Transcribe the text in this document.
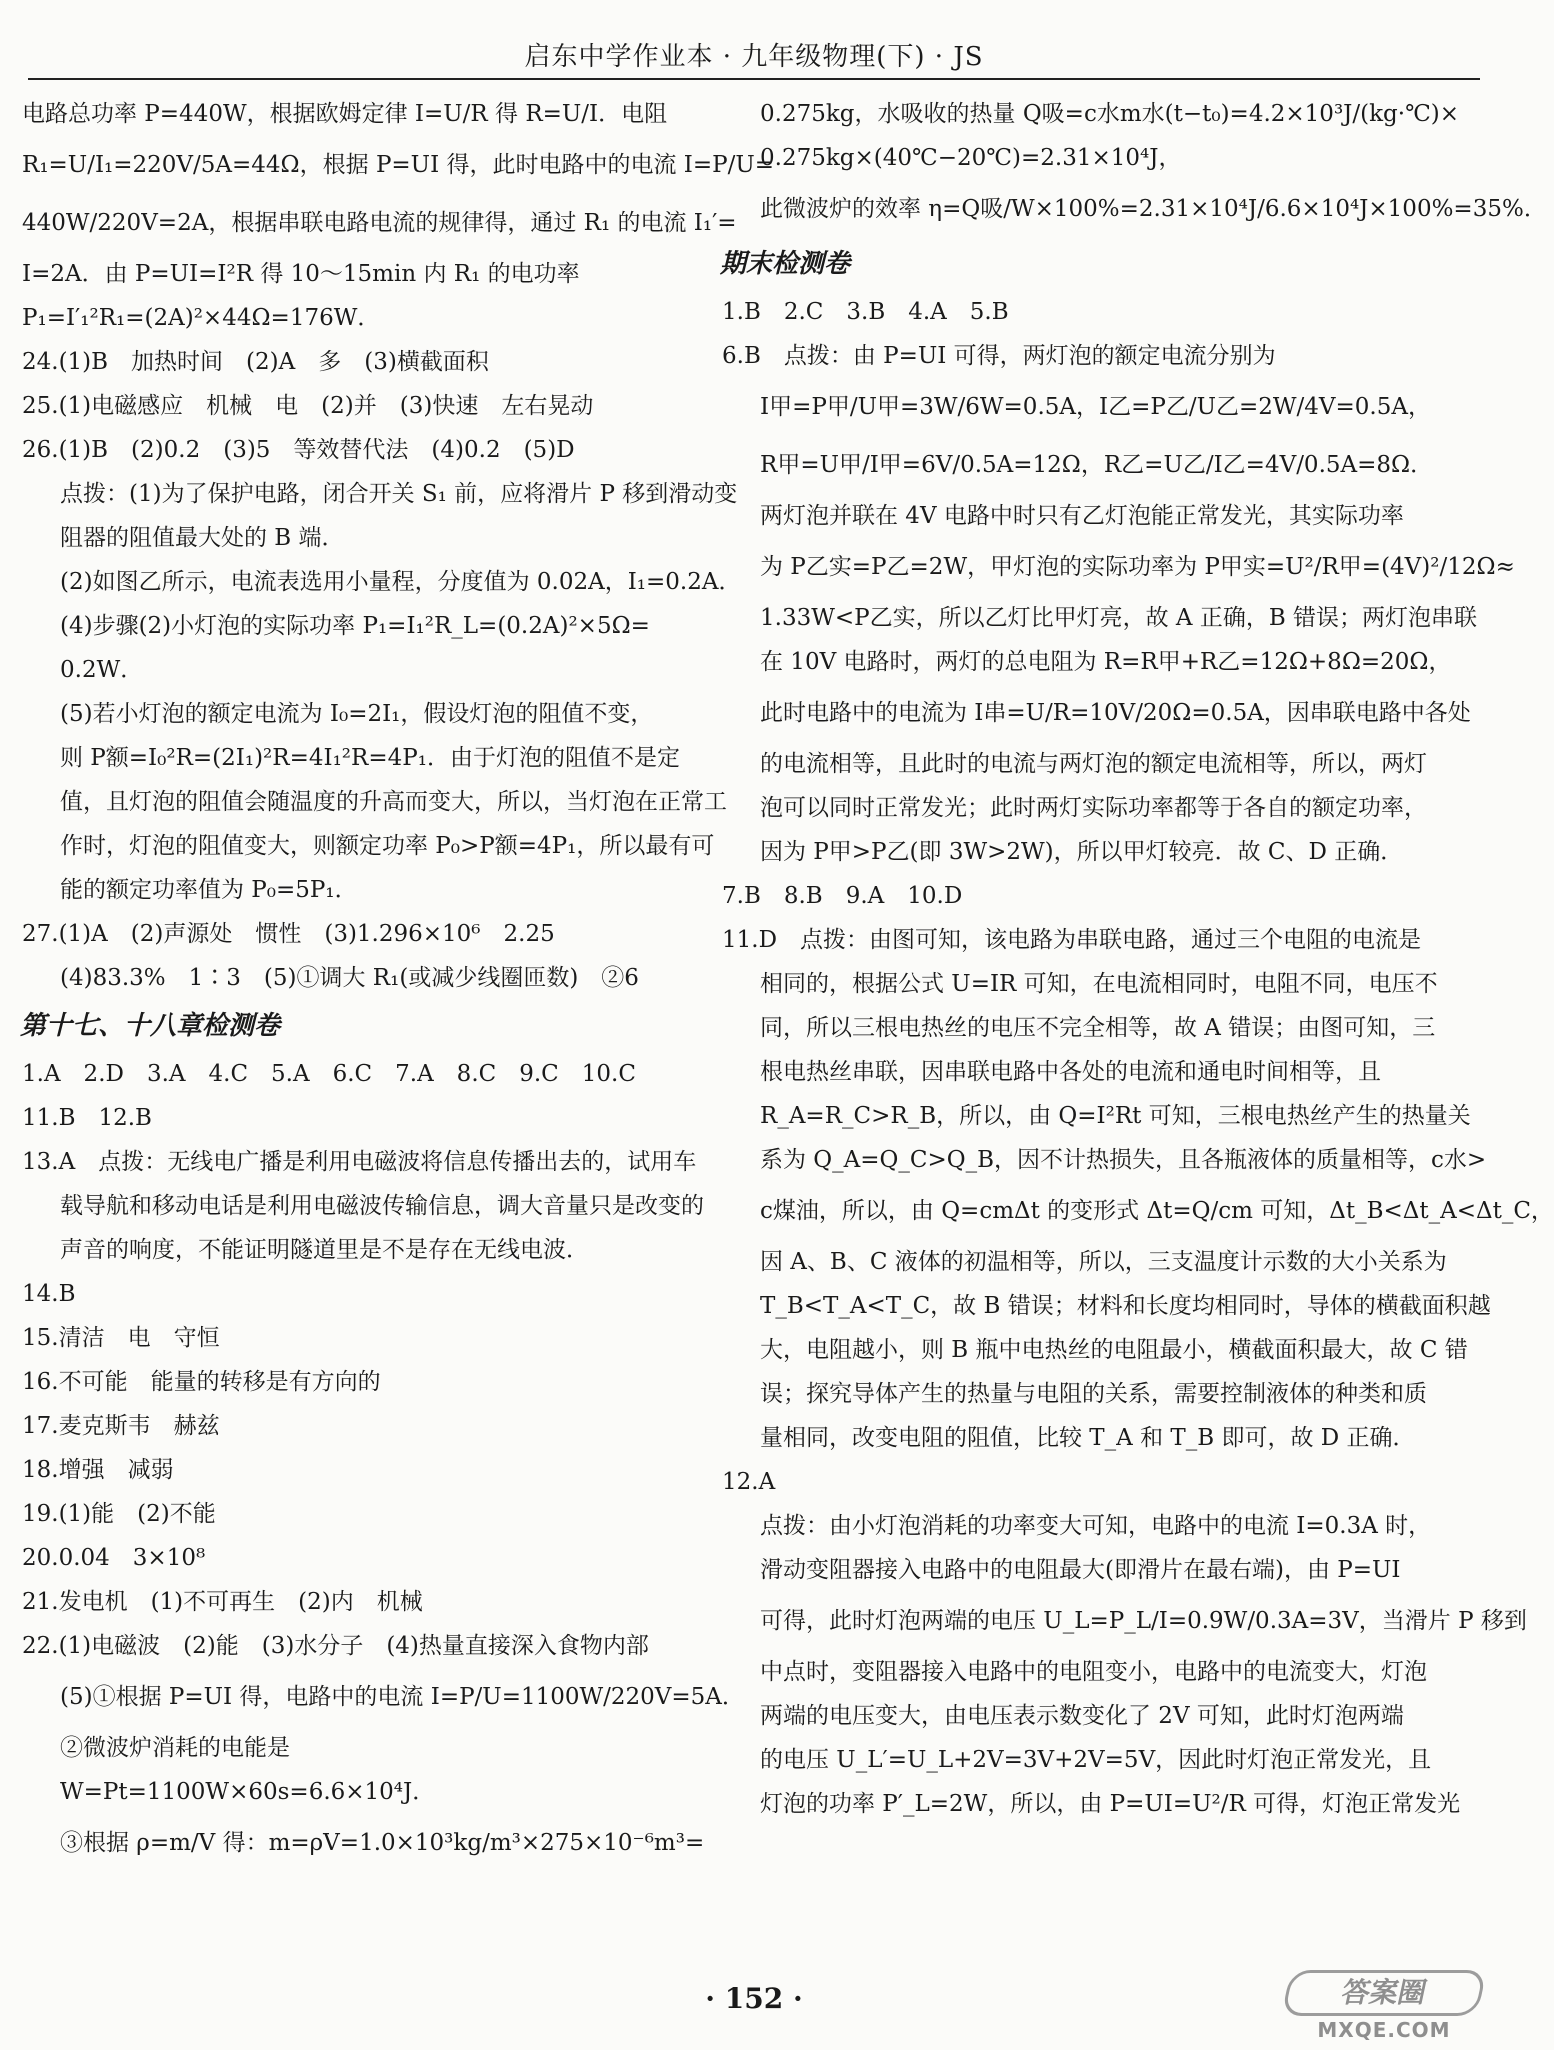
启东中学作业本 · 九年级物理(下) · JS
电路总功率 P=440W，根据欧姆定律 I=U/R 得 R=U/I．电阻
R₁=U/I₁=220V/5A=44Ω，根据 P=UI 得，此时电路中的电流 I=P/U=
440W/220V=2A，根据串联电路电流的规律得，通过 R₁ 的电流 I₁′=
I=2A．由 P=UI=I²R 得 10～15min 内 R₁ 的电功率
P₁=I′₁²R₁=(2A)²×44Ω=176W．
24.(1)B　加热时间　(2)A　多　(3)横截面积
25.(1)电磁感应　机械　电　(2)并　(3)快速　左右晃动
26.(1)B　(2)0.2　(3)5　等效替代法　(4)0.2　(5)D
点拨：(1)为了保护电路，闭合开关 S₁ 前，应将滑片 P 移到滑动变
阻器的阻值最大处的 B 端．
(2)如图乙所示，电流表选用小量程，分度值为 0.02A，I₁=0.2A．
(4)步骤(2)小灯泡的实际功率 P₁=I₁²R_L=(0.2A)²×5Ω=
0.2W．
(5)若小灯泡的额定电流为 I₀=2I₁，假设灯泡的阻值不变，
则 P额=I₀²R=(2I₁)²R=4I₁²R=4P₁．由于灯泡的阻值不是定
值，且灯泡的阻值会随温度的升高而变大，所以，当灯泡在正常工
作时，灯泡的阻值变大，则额定功率 P₀>P额=4P₁，所以最有可
能的额定功率值为 P₀=5P₁．
27.(1)A　(2)声源处　惯性　(3)1.296×10⁶　2.25
(4)83.3%　1∶3　(5)①调大 R₁(或减少线圈匝数)　②6
第十七、十八章检测卷
1.A　2.D　3.A　4.C　5.A　6.C　7.A　8.C　9.C　10.C
11.B　12.B
13.A　点拨：无线电广播是利用电磁波将信息传播出去的，试用车
载导航和移动电话是利用电磁波传输信息，调大音量只是改变的
声音的响度，不能证明隧道里是不是存在无线电波．
14.B
15.清洁　电　守恒
16.不可能　能量的转移是有方向的
17.麦克斯韦　赫兹
18.增强　减弱
19.(1)能　(2)不能
20.0.04　3×10⁸
21.发电机　(1)不可再生　(2)内　机械
22.(1)电磁波　(2)能　(3)水分子　(4)热量直接深入食物内部
(5)①根据 P=UI 得，电路中的电流 I=P/U=1100W/220V=5A．
②微波炉消耗的电能是
W=Pt=1100W×60s=6.6×10⁴J．
③根据 ρ=m/V 得：m=ρV=1.0×10³kg/m³×275×10⁻⁶m³=
0.275kg，水吸收的热量 Q吸=c水m水(t−t₀)=4.2×10³J/(kg·℃)×
0.275kg×(40℃−20℃)=2.31×10⁴J，
此微波炉的效率 η=Q吸/W×100%=2.31×10⁴J/6.6×10⁴J×100%=35%．
期末检测卷
1.B　2.C　3.B　4.A　5.B
6.B　点拨：由 P=UI 可得，两灯泡的额定电流分别为
I甲=P甲/U甲=3W/6W=0.5A，I乙=P乙/U乙=2W/4V=0.5A，
R甲=U甲/I甲=6V/0.5A=12Ω，R乙=U乙/I乙=4V/0.5A=8Ω．
两灯泡并联在 4V 电路中时只有乙灯泡能正常发光，其实际功率
为 P乙实=P乙=2W，甲灯泡的实际功率为 P甲实=U²/R甲=(4V)²/12Ω≈
1.33W<P乙实，所以乙灯比甲灯亮，故 A 正确，B 错误；两灯泡串联
在 10V 电路时，两灯的总电阻为 R=R甲+R乙=12Ω+8Ω=20Ω，
此时电路中的电流为 I串=U/R=10V/20Ω=0.5A，因串联电路中各处
的电流相等，且此时的电流与两灯泡的额定电流相等，所以，两灯
泡可以同时正常发光；此时两灯实际功率都等于各自的额定功率，
因为 P甲>P乙(即 3W>2W)，所以甲灯较亮．故 C、D 正确．
7.B　8.B　9.A　10.D
11.D　点拨：由图可知，该电路为串联电路，通过三个电阻的电流是
相同的，根据公式 U=IR 可知，在电流相同时，电阻不同，电压不
同，所以三根电热丝的电压不完全相等，故 A 错误；由图可知，三
根电热丝串联，因串联电路中各处的电流和通电时间相等，且
R_A=R_C>R_B，所以，由 Q=I²Rt 可知，三根电热丝产生的热量关
系为 Q_A=Q_C>Q_B，因不计热损失，且各瓶液体的质量相等，c水>
c煤油，所以，由 Q=cmΔt 的变形式 Δt=Q/cm 可知，Δt_B<Δt_A<Δt_C，
因 A、B、C 液体的初温相等，所以，三支温度计示数的大小关系为
T_B<T_A<T_C，故 B 错误；材料和长度均相同时，导体的横截面积越
大，电阻越小，则 B 瓶中电热丝的电阻最小，横截面积最大，故 C 错
误；探究导体产生的热量与电阻的关系，需要控制液体的种类和质
量相同，改变电阻的阻值，比较 T_A 和 T_B 即可，故 D 正确．
12.A
点拨：由小灯泡消耗的功率变大可知，电路中的电流 I=0.3A 时，
滑动变阻器接入电路中的电阻最大(即滑片在最右端)，由 P=UI
可得，此时灯泡两端的电压 U_L=P_L/I=0.9W/0.3A=3V，当滑片 P 移到
中点时，变阻器接入电路中的电阻变小，电路中的电流变大，灯泡
两端的电压变大，由电压表示数变化了 2V 可知，此时灯泡两端
的电压 U_L′=U_L+2V=3V+2V=5V，因此时灯泡正常发光，且
灯泡的功率 P′_L=2W，所以，由 P=UI=U²/R 可得，灯泡正常发光
· 152 ·	答案圈
MXQE.COM
